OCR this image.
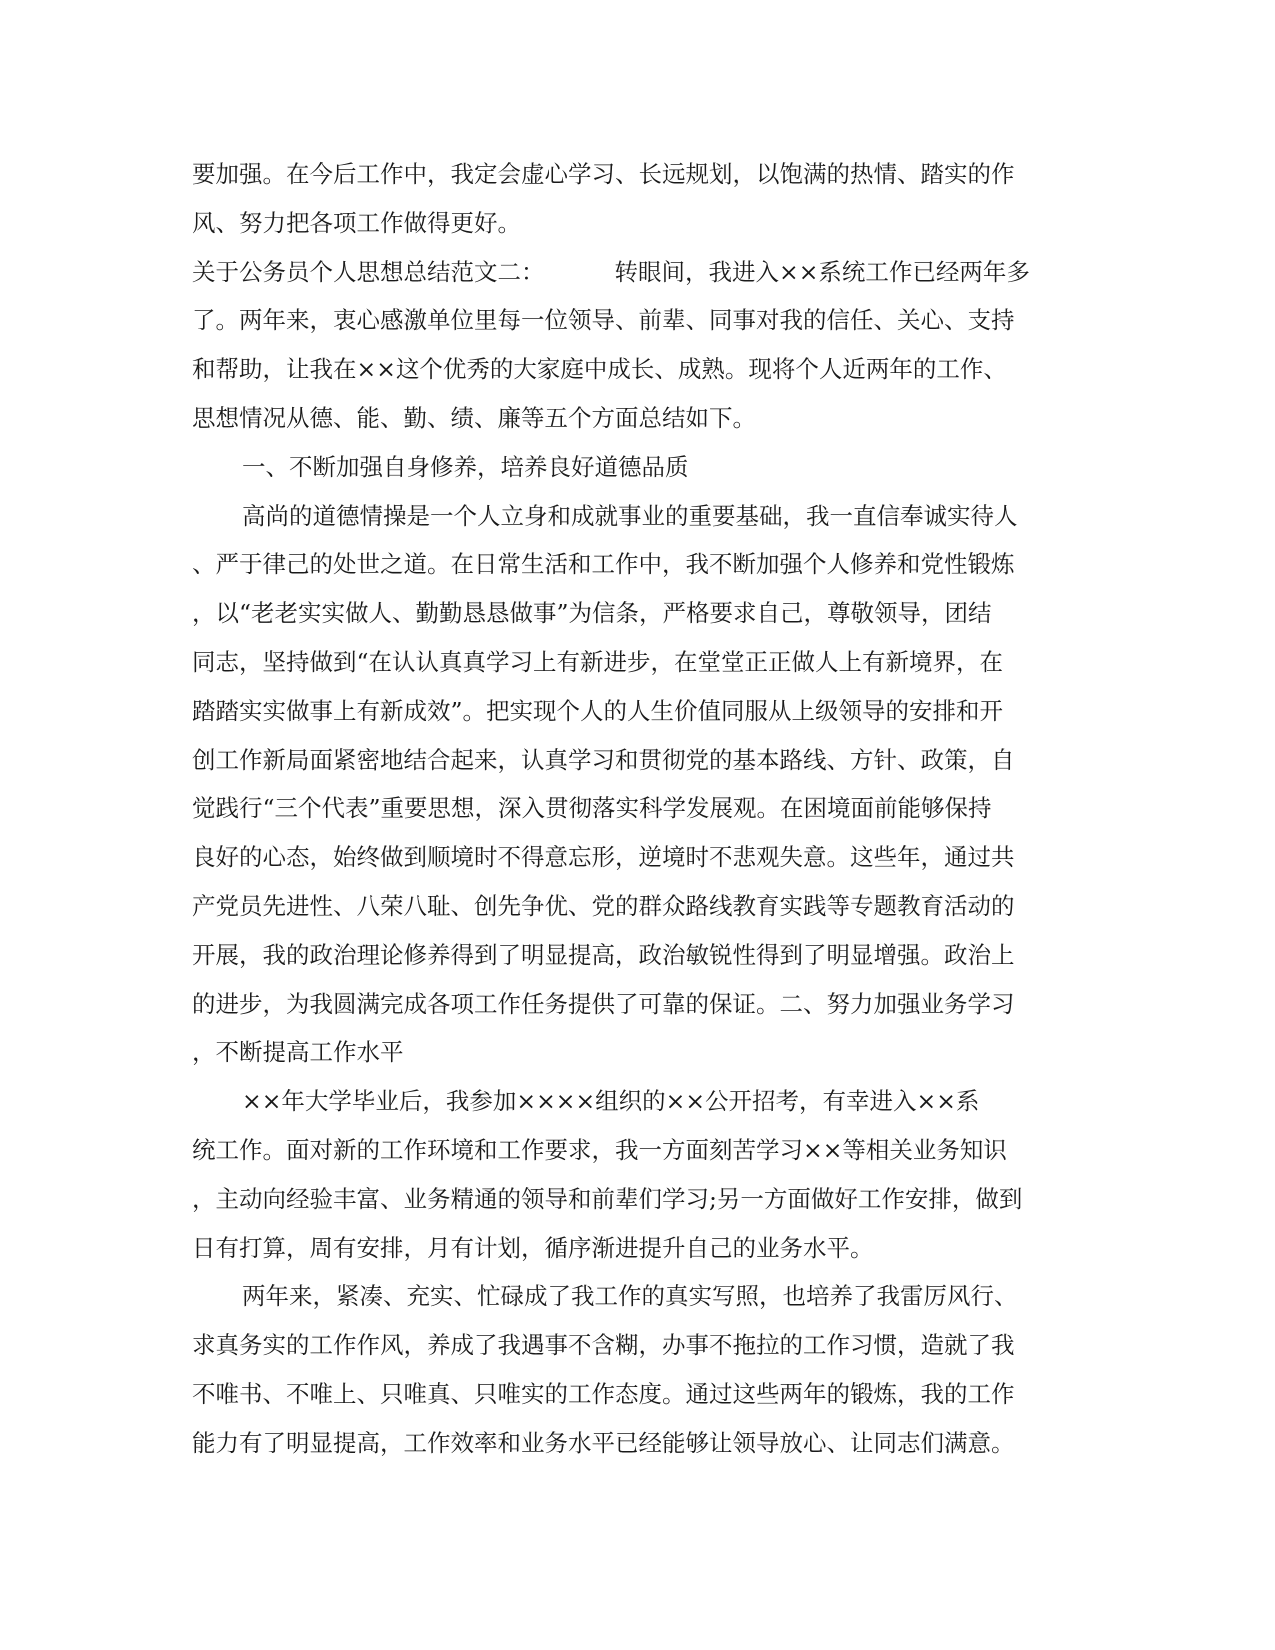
要加强。在今后工作中，我定会虚心学习、长远规划，以饱满的热情、踏实的作
风、努力把各项工作做得更好。
关于公务员个人思想总结范文二：	转眼间，我进入××系统工作已经两年多
了。两年来，衷心感激单位里每一位领导、前辈、同事对我的信任、关心、支持
和帮助，让我在××这个优秀的大家庭中成长、成熟。现将个人近两年的工作、
思想情况从德、能、勤、绩、廉等五个方面总结如下。
一、不断加强自身修养，培养良好道德品质
高尚的道德情操是一个人立身和成就事业的重要基础，我一直信奉诚实待人
、严于律己的处世之道。在日常生活和工作中，我不断加强个人修养和党性锻炼
，以“老老实实做人、勤勤恳恳做事”为信条，严格要求自己，尊敬领导，团结
同志，坚持做到“在认认真真学习上有新进步，在堂堂正正做人上有新境界，在
踏踏实实做事上有新成效”。把实现个人的人生价值同服从上级领导的安排和开
创工作新局面紧密地结合起来，认真学习和贯彻党的基本路线、方针、政策，自
觉践行“三个代表”重要思想，深入贯彻落实科学发展观。在困境面前能够保持
良好的心态，始终做到顺境时不得意忘形，逆境时不悲观失意。这些年，通过共
产党员先进性、八荣八耻、创先争优、党的群众路线教育实践等专题教育活动的
开展，我的政治理论修养得到了明显提高，政治敏锐性得到了明显增强。政治上
的进步，为我圆满完成各项工作任务提供了可靠的保证。二、努力加强业务学习
，不断提高工作水平
××年大学毕业后，我参加××××组织的××公开招考，有幸进入××系
统工作。面对新的工作环境和工作要求，我一方面刻苦学习××等相关业务知识
，主动向经验丰富、业务精通的领导和前辈们学习;另一方面做好工作安排，做到
日有打算，周有安排，月有计划，循序渐进提升自己的业务水平。
两年来，紧凑、充实、忙碌成了我工作的真实写照，也培养了我雷厉风行、
求真务实的工作作风，养成了我遇事不含糊，办事不拖拉的工作习惯，造就了我
不唯书、不唯上、只唯真、只唯实的工作态度。通过这些两年的锻炼，我的工作
能力有了明显提高，工作效率和业务水平已经能够让领导放心、让同志们满意。
